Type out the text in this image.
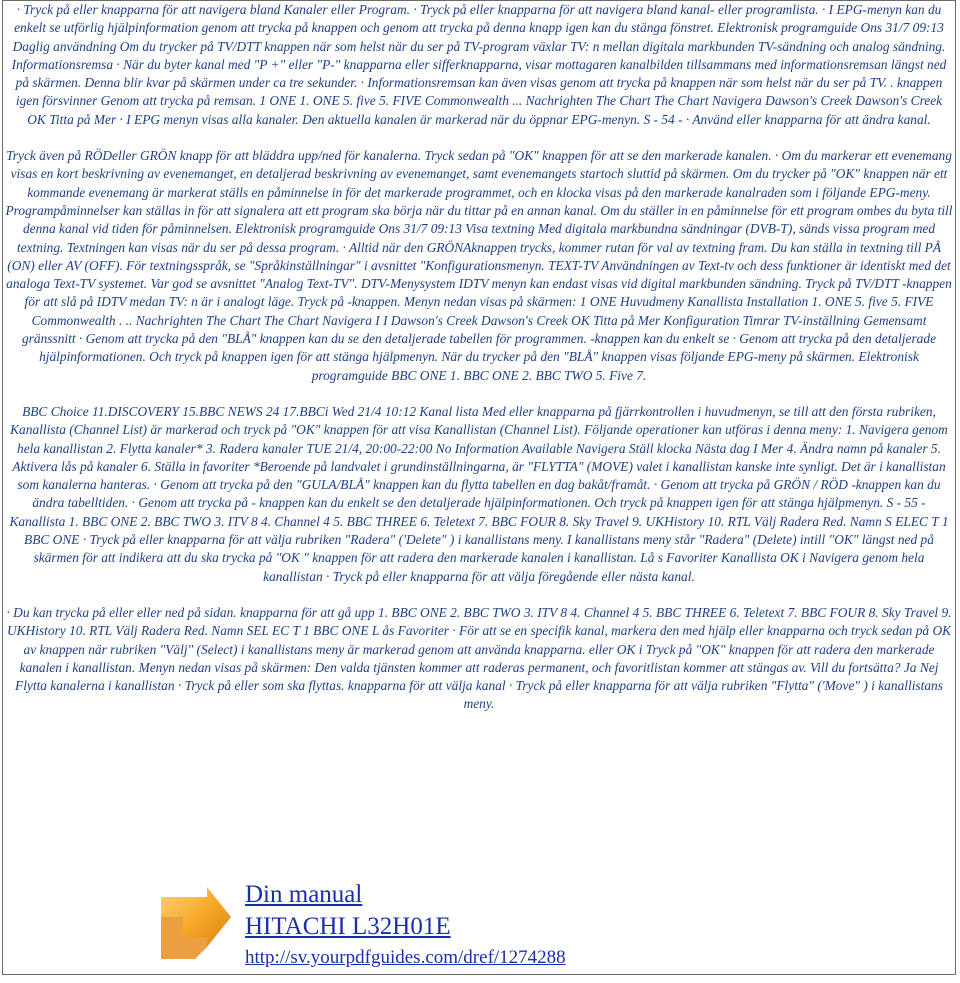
· Tryck på eller knapparna för att navigera bland Kanaler eller Program. · Tryck på eller knapparna för att navigera bland kanal- eller programlista. · I EPG-menyn kan du enkelt se utförlig hjälpinformation genom att trycka på knappen och genom att trycka på denna knapp igen kan du stänga fönstret. Elektronisk programguide Ons 31/7 09:13 Daglig användning Om du trycker på TV/DTT knappen när som helst när du ser på TV-program växlar TV: n mellan digitala markbunden TV-sändning och analog sändning. Informationsremsa · När du byter kanal med "P +" eller "P-" knapparna eller sifferknapparna, visar mottagaren kanalbilden tillsammans med informationsremsan längst ned på skärmen. Denna blir kvar på skärmen under ca tre sekunder. · Informationsremsan kan även visas genom att trycka på knappen när som helst när du ser på TV. . knappen igen försvinner Genom att trycka på remsan. 1 ONE 1. ONE 5. five 5. FIVE Commonwealth ... Nachrighten The Chart The Chart Navigera Dawson's Creek Dawson's Creek OK Titta på Mer · I EPG menyn visas alla kanaler. Den aktuella kanalen är markerad när du öppnar EPG-menyn. S - 54 - · Använd eller knapparna för att ändra kanal.

Tryck även på RÖDeller GRÖN knapp för att bläddra upp/ned för kanalerna. Tryck sedan på "OK" knappen för att se den markerade kanalen. · Om du markerar ett evenemang visas en kort beskrivning av evenemanget, en detaljerad beskrivning av evenemanget, samt evenemangets startoch sluttid på skärmen. Om du trycker på "OK" knappen när ett kommande evenemang är markerat ställs en påminnelse in för det markerade programmet, och en klocka visas på den markerade kanalraden som i följande EPG-meny. Programpåminnelser kan ställas in för att signalera att ett program ska börja när du tittar på en annan kanal. Om du ställer in en påminnelse för ett program ombes du byta till denna kanal vid tiden för påminnelsen. Elektronisk programguide Ons 31/7 09:13 Visa textning Med digitala markbundna sändningar (DVB-T), sänds vissa program med textning. Textningen kan visas när du ser på dessa program. · Alltid när den GRÖNAknappen trycks, kommer rutan för val av textning fram. Du kan ställa in textning till PÅ (ON) eller AV (OFF). För textningsspråk, se "Språkinställningar" i avsnittet "Konfigurationsmenyn. TEXT-TV Användningen av Text-tv och dess funktioner är identiskt med det analoga Text-TV systemet. Var god se avsnittet "Analog Text-TV". DTV-Menysystem IDTV menyn kan endast visas vid digital markbunden sändning. Tryck på TV/DTT -knappen för att slå på IDTV medan TV: n är i analogt läge. Tryck på -knappen. Menyn nedan visas på skärmen: 1 ONE Huvudmeny Kanallista Installation 1. ONE 5. five 5. FIVE Commonwealth . .. Nachrighten The Chart The Chart Navigera I I Dawson's Creek Dawson's Creek OK Titta på Mer Konfiguration Timrar TV-inställning Gemensamt gränssnitt · Genom att trycka på den "BLÅ" knappen kan du se den detaljerade tabellen för programmen. -knappen kan du enkelt se · Genom att trycka på den detaljerade hjälpinformationen. Och tryck på knappen igen för att stänga hjälpmenyn. När du trycker på den "BLÅ" knappen visas följande EPG-meny på skärmen. Elektronisk programguide BBC ONE 1. BBC ONE 2. BBC TWO 5. Five 7.

BBC Choice 11.DISCOVERY 15.BBC NEWS 24 17.BBCi Wed 21/4 10:12 Kanal lista Med eller knapparna på fjärrkontrollen i huvudmenyn, se till att den första rubriken, Kanallista (Channel List) är markerad och tryck på "OK" knappen för att visa Kanallistan (Channel List). Följande operationer kan utföras i denna meny: 1. Navigera genom hela kanallistan 2. Flytta kanaler* 3. Radera kanaler TUE 21/4, 20:00-22:00 No Information Available Navigera Ställ klocka Nästa dag I Mer 4. Ändra namn på kanaler 5. Aktivera lås på kanaler 6. Ställa in favoriter *Beroende på landvalet i grundinställningarna, är "FLYTTA" (MOVE) valet i kanallistan kanske inte synligt. Det är i kanallistan som kanalerna hanteras. · Genom att trycka på den "GULA/BLÅ" knappen kan du flytta tabellen en dag bakåt/framåt. · Genom att trycka på GRÖN / RÖD -knappen kan du ändra tabelltiden. · Genom att trycka på - knappen kan du enkelt se den detaljerade hjälpinformationen. Och tryck på knappen igen för att stänga hjälpmenyn. S - 55 - Kanallista 1. BBC ONE 2. BBC TWO 3. ITV 8 4. Channel 4 5. BBC THREE 6. Teletext 7. BBC FOUR 8. Sky Travel 9. UKHistory 10. RTL Välj Radera Red. Namn S ELEC T 1 BBC ONE · Tryck på eller knapparna för att välja rubriken "Radera" ('Delete" ) i kanallistans meny. I kanallistans meny står "Radera" (Delete) intill "OK" längst ned på skärmen för att indikera att du ska trycka på "OK " knappen för att radera den markerade kanalen i kanallistan. Lå s Favoriter Kanallista OK i Navigera genom hela kanallistan · Tryck på eller knapparna för att välja föregående eller nästa kanal.

· Du kan trycka på eller eller ned på sidan. knapparna för att gå upp 1. BBC ONE 2. BBC TWO 3. ITV 8 4. Channel 4 5. BBC THREE 6. Teletext 7. BBC FOUR 8. Sky Travel 9. UKHistory 10. RTL Välj Radera Red. Namn SEL EC T 1 BBC ONE L ås Favoriter · För att se en specifik kanal, markera den med hjälp eller knapparna och tryck sedan på OK av knappen när rubriken "Välj" (Select) i kanallistans meny är markerad genom att använda knapparna. eller OK i Tryck på "OK" knappen för att radera den markerade kanalen i kanallistan. Menyn nedan visas på skärmen: Den valda tjänsten kommer att raderas permanent, och favoritlistan kommer att stängas av. Vill du fortsätta? Ja Nej Flytta kanalerna i kanallistan · Tryck på eller som ska flyttas. knapparna för att välja kanal · Tryck på eller knapparna för att välja rubriken "Flytta" ('Move" ) i kanallistans meny.

Din manual
HITACHI L32H01E
http://sv.yourpdfguides.com/dref/1274288
